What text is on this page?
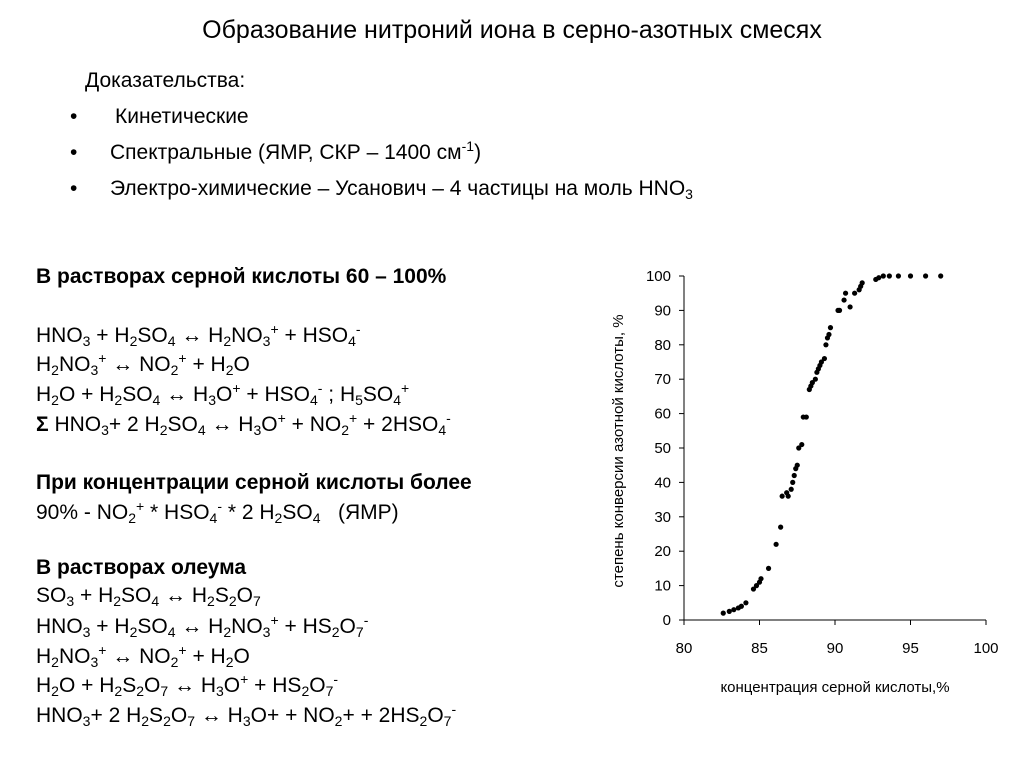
Образование нитроний иона в серно-азотных смесях
Доказательства:
• Кинетические
• Спектральные (ЯМР, СКР – 1400 $см^{-1}$)
• Электро-химические – Усанович – 4 частицы на моль $HNO_3$
В растворах серной кислоты 60 – 100%
$HNO_3 + H_2SO_4$ ↔ $H_2NO_3^+ + HSO_4^-$
$H_2NO_3^+$ ↔ $NO_2^+ + H_2O$
$H_2O + H_2SO_4$ ↔ $H_3O^+ + HSO_4^-$ ; $H_5SO_4^+$
Σ $HNO_3+ 2$ $H_2SO_4$ ↔ $H_3O^+ + NO_2^+ + 2HSO_4^-$
При концентрации серной кислоты более
$90\% - NO_2^+ * HSO_4^- * 2$ $H_2SO_4$   (ЯМР)
В растворах олеума
$SO_3 + H_2SO_4$ ↔ $H_2S_2O_7$
$HNO_3 + H_2SO_4$ ↔ $H_2NO_3^+ + HS_2O_7^-$
$H_2NO_3^+$ ↔ $NO_2^+ + H_2O$
$H_2O + H_2S_2O_7$ ↔ $H_3O^+ + HS_2O_7^-$
$HNO_3+ 2$ $H_2S_2O_7$ ↔ $H_3O+ + NO_2+ + 2HS_2O_7^-$
0
10
20
30
40
50
60
70
80
90
100
80	85	90	95	100
степень конверсии азотной кислоты, %
концентрация серной кислоты,%
